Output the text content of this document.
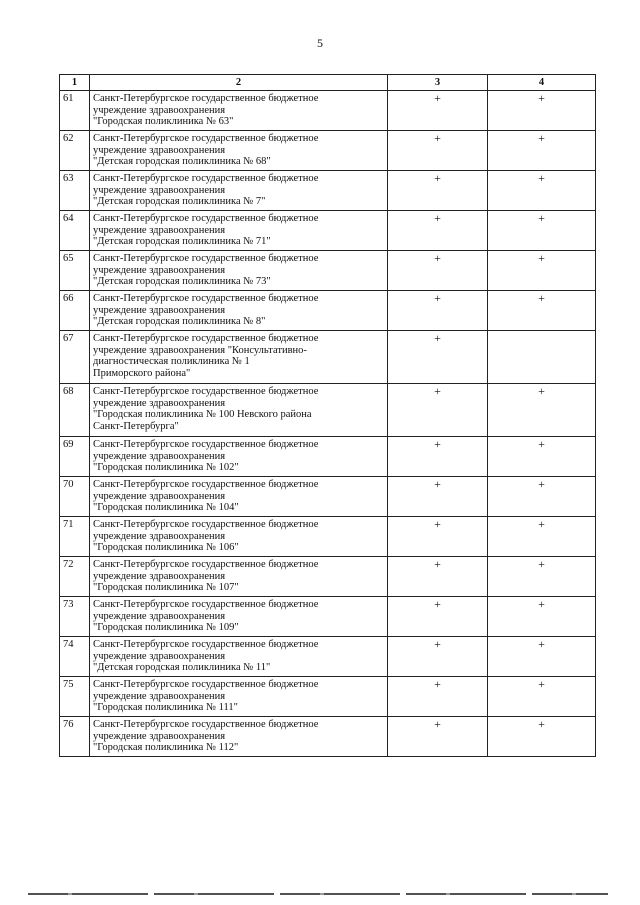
5
1	2	3	4
61	Санкт-Петербургское государственное бюджетное
учреждение здравоохранения
"Городская поликлиника № 63"	+	+
62	Санкт-Петербургское государственное бюджетное
учреждение здравоохранения
"Детская городская поликлиника № 68"	+	+
63	Санкт-Петербургское государственное бюджетное
учреждение здравоохранения
"Детская городская поликлиника № 7"	+	+
64	Санкт-Петербургское государственное бюджетное
учреждение здравоохранения
"Детская городская поликлиника № 71"	+	+
65	Санкт-Петербургское государственное бюджетное
учреждение здравоохранения
"Детская городская поликлиника № 73"	+	+
66	Санкт-Петербургское государственное бюджетное
учреждение здравоохранения
"Детская городская поликлиника № 8"	+	+
67	Санкт-Петербургское государственное бюджетное
учреждение здравоохранения "Консультативно-
диагностическая поликлиника № 1
Приморского района"	+	
68	Санкт-Петербургское государственное бюджетное
учреждение здравоохранения
"Городская поликлиника № 100 Невского района
Санкт-Петербурга"	+	+
69	Санкт-Петербургское государственное бюджетное
учреждение здравоохранения
"Городская поликлиника № 102"	+	+
70	Санкт-Петербургское государственное бюджетное
учреждение здравоохранения
"Городская поликлиника № 104"	+	+
71	Санкт-Петербургское государственное бюджетное
учреждение здравоохранения
"Городская поликлиника № 106"	+	+
72	Санкт-Петербургское государственное бюджетное
учреждение здравоохранения
"Городская поликлиника № 107"	+	+
73	Санкт-Петербургское государственное бюджетное
учреждение здравоохранения
"Городская поликлиника № 109"	+	+
74	Санкт-Петербургское государственное бюджетное
учреждение здравоохранения
"Детская городская поликлиника № 11"	+	+
75	Санкт-Петербургское государственное бюджетное
учреждение здравоохранения
"Городская поликлиника № 111"	+	+
76	Санкт-Петербургское государственное бюджетное
учреждение здравоохранения
"Городская поликлиника № 112"	+	+
